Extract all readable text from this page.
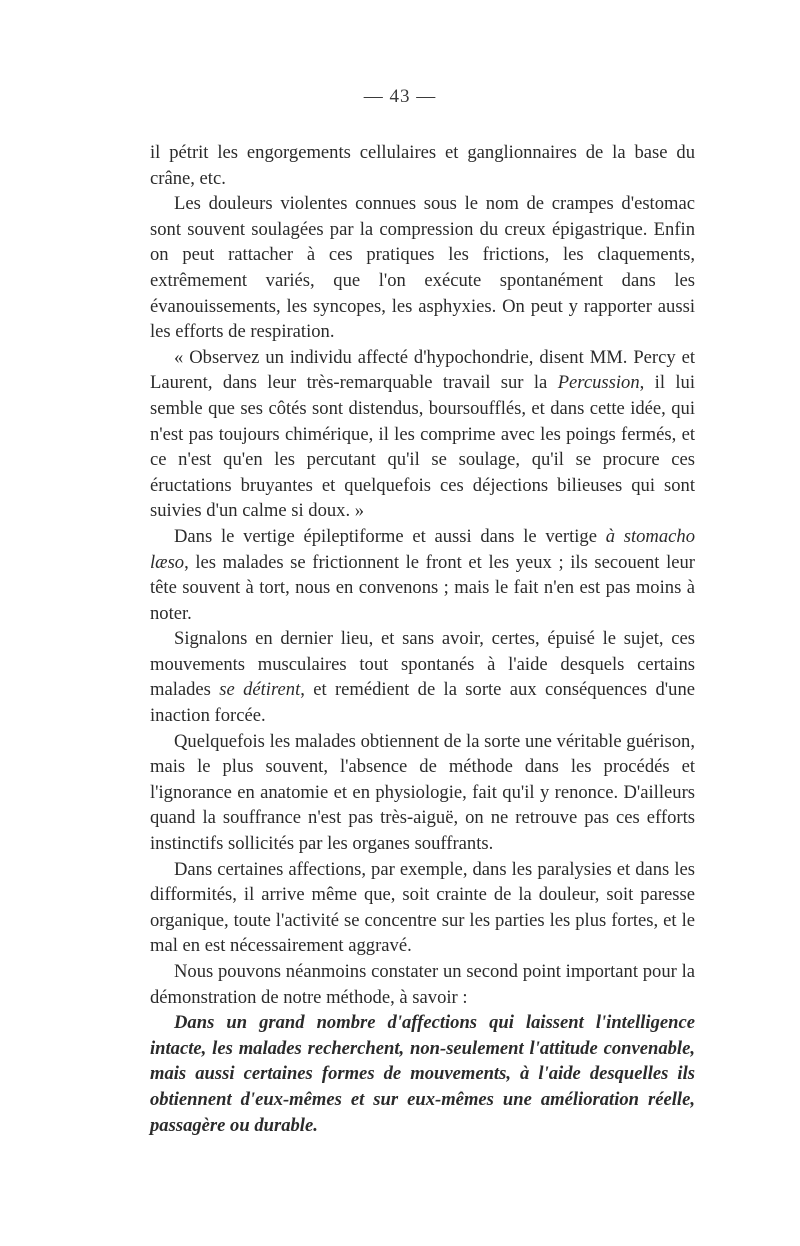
— 43 —

il pétrit les engorgements cellulaires et ganglionnaires de la base du crâne, etc.

Les douleurs violentes connues sous le nom de crampes d'estomac sont souvent soulagées par la compression du creux épigastrique. Enfin on peut rattacher à ces pratiques les frictions, les claquements, extrêmement variés, que l'on exécute spontanément dans les évanouissements, les syncopes, les asphyxies. On peut y rapporter aussi les efforts de respiration.

« Observez un individu affecté d'hypochondrie, disent MM. Percy et Laurent, dans leur très-remarquable travail sur la Percussion, il lui semble que ses côtés sont distendus, boursoufflés, et dans cette idée, qui n'est pas toujours chimérique, il les comprime avec les poings fermés, et ce n'est qu'en les percutant qu'il se soulage, qu'il se procure ces éructations bruyantes et quelquefois ces déjections bilieuses qui sont suivies d'un calme si doux. »

Dans le vertige épileptiforme et aussi dans le vertige à stomacho læso, les malades se frictionnent le front et les yeux ; ils secouent leur tête souvent à tort, nous en convenons ; mais le fait n'en est pas moins à noter.

Signalons en dernier lieu, et sans avoir, certes, épuisé le sujet, ces mouvements musculaires tout spontanés à l'aide desquels certains malades se détirent, et remédient de la sorte aux conséquences d'une inaction forcée.

Quelquefois les malades obtiennent de la sorte une véritable guérison, mais le plus souvent, l'absence de méthode dans les procédés et l'ignorance en anatomie et en physiologie, fait qu'il y renonce. D'ailleurs quand la souffrance n'est pas très-aiguë, on ne retrouve pas ces efforts instinctifs sollicités par les organes souffrants.

Dans certaines affections, par exemple, dans les paralysies et dans les difformités, il arrive même que, soit crainte de la douleur, soit paresse organique, toute l'activité se concentre sur les parties les plus fortes, et le mal en est nécessairement aggravé.

Nous pouvons néanmoins constater un second point important pour la démonstration de notre méthode, à savoir :

Dans un grand nombre d'affections qui laissent l'intelligence intacte, les malades recherchent, non-seulement l'attitude convenable, mais aussi certaines formes de mouvements, à l'aide desquelles ils obtiennent d'eux-mêmes et sur eux-mêmes une amélioration réelle, passagère ou durable.
